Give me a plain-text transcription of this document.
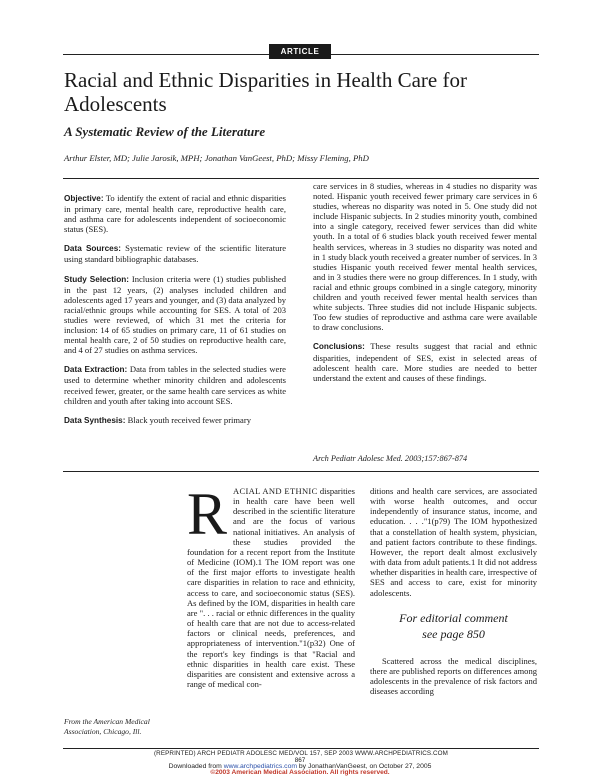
ARTICLE
Racial and Ethnic Disparities in Health Care for Adolescents
A Systematic Review of the Literature

Arthur Elster, MD; Julie Jarosik, MPH; Jonathan VanGeest, PhD; Missy Fleming, PhD

Objective: To identify the extent of racial and ethnic disparities in primary care, mental health care, reproductive health care, and asthma care for adolescents independent of socioeconomic status (SES).

Data Sources: Systematic review of the scientific literature using standard bibliographic databases.

Study Selection: Inclusion criteria were (1) studies published in the past 12 years, (2) analyses included children and adolescents aged 17 years and younger, and (3) data analyzed by racial/ethnic groups while accounting for SES. A total of 203 studies were reviewed, of which 31 met the criteria for inclusion: 14 of 65 studies on primary care, 11 of 61 studies on mental health care, 2 of 50 studies on reproductive health care, and 4 of 27 studies on asthma services.

Data Extraction: Data from tables in the selected studies were used to determine whether minority children and adolescents received fewer, greater, or the same health care services as white children and youth after taking into account SES.

Data Synthesis: Black youth received fewer primary

care services in 8 studies, whereas in 4 studies no disparity was noted. Hispanic youth received fewer primary care services in 6 studies, whereas no disparity was noted in 5. One study did not include Hispanic subjects. In 2 studies minority youth, combined into a single category, received fewer services than did white youth. In a total of 6 studies black youth received fewer mental health services, whereas in 3 studies no disparity was noted and in 1 study black youth received a greater number of services. In 3 studies Hispanic youth received fewer mental health services, and in 3 studies there were no group differences. In 1 study, with racial and ethnic groups combined in a single category, minority children and youth received fewer mental health services than white subjects. Three studies did not include Hispanic subjects. Too few studies of reproductive and asthma care were available to draw conclusions.

Conclusions: These results suggest that racial and ethnic disparities, independent of SES, exist in selected areas of adolescent health care. More studies are needed to better understand the extent and causes of these findings.

Arch Pediatr Adolesc Med. 2003;157:867-874

RACIAL AND ETHNIC disparities in health care have been well described in the scientific literature and are the focus of various national initiatives. An analysis of these studies provided the foundation for a recent report from the Institute of Medicine (IOM).1 The IOM report was one of the first major efforts to investigate health care disparities in relation to race and ethnicity, access to care, and socioeconomic status (SES). As defined by the IOM, disparities in health care are ". . . racial or ethnic differences in the quality of health care that are not due to access-related factors or clinical needs, preferences, and appropriateness of intervention."1(p32) One of the report's key findings is that "Racial and ethnic disparities in health care exist. These disparities are consistent and extensive across a range of medical con-

ditions and health care services, are associated with worse health outcomes, and occur independently of insurance status, income, and education. . . ."1(p79) The IOM hypothesized that a constellation of health system, physician, and patient factors contribute to these findings. However, the report dealt almost exclusively with data from adult patients.1 It did not address whether disparities in health care, irrespective of SES and access to care, exist for minority adolescents.

For editorial comment
see page 850

Scattered across the medical disciplines, there are published reports on differences among adolescents in the prevalence of risk factors and diseases according

From the American Medical Association, Chicago, Ill.
(REPRINTED) ARCH PEDIATR ADOLESC MED/VOL 157, SEP 2003 WWW.ARCHPEDIATRICS.COM
867
Downloaded from www.archpediatrics.com by JonathanVanGeest, on October 27, 2005
©2003 American Medical Association. All rights reserved.
